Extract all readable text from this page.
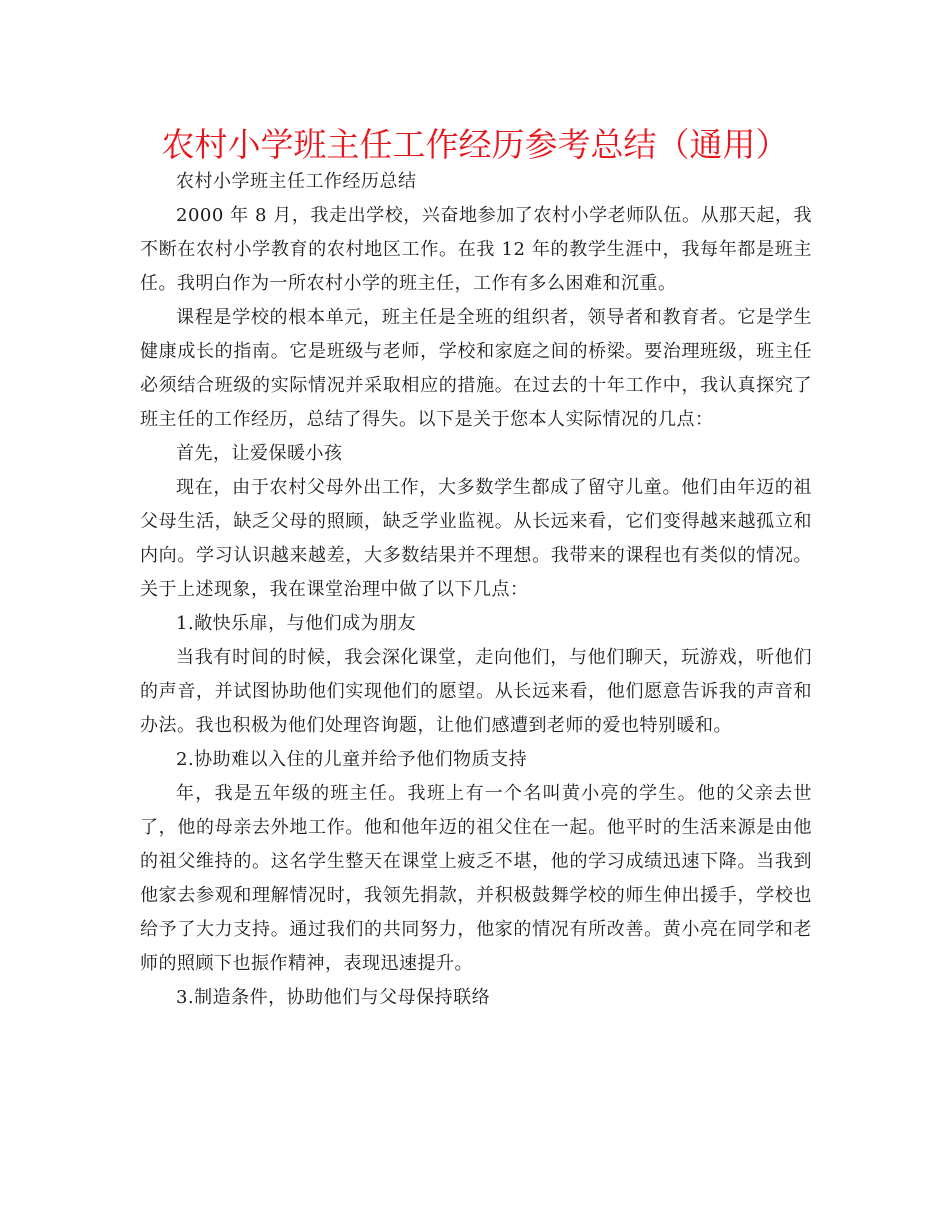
农村小学班主任工作经历参考总结（通用）

农村小学班主任工作经历总结

2000 年 8 月，我走出学校，兴奋地参加了农村小学老师队伍。从那天起，我不断在农村小学教育的农村地区工作。在我 12 年的教学生涯中，我每年都是班主任。我明白作为一所农村小学的班主任，工作有多么困难和沉重。

课程是学校的根本单元，班主任是全班的组织者，领导者和教育者。它是学生健康成长的指南。它是班级与老师，学校和家庭之间的桥梁。要治理班级，班主任必须结合班级的实际情况并采取相应的措施。在过去的十年工作中，我认真探究了班主任的工作经历，总结了得失。以下是关于您本人实际情况的几点：

首先，让爱保暖小孩

现在，由于农村父母外出工作，大多数学生都成了留守儿童。他们由年迈的祖父母生活，缺乏父母的照顾，缺乏学业监视。从长远来看，它们变得越来越孤立和内向。学习认识越来越差，大多数结果并不理想。我带来的课程也有类似的情况。关于上述现象，我在课堂治理中做了以下几点：

1.敞快乐扉，与他们成为朋友

当我有时间的时候，我会深化课堂，走向他们，与他们聊天，玩游戏，听他们的声音，并试图协助他们实现他们的愿望。从长远来看，他们愿意告诉我的声音和办法。我也积极为他们处理咨询题，让他们感遭到老师的爱也特别暖和。

2.协助难以入住的儿童并给予他们物质支持

年，我是五年级的班主任。我班上有一个名叫黄小亮的学生。他的父亲去世了，他的母亲去外地工作。他和他年迈的祖父住在一起。他平时的生活来源是由他的祖父维持的。这名学生整天在课堂上疲乏不堪，他的学习成绩迅速下降。当我到他家去参观和理解情况时，我领先捐款，并积极鼓舞学校的师生伸出援手，学校也给予了大力支持。通过我们的共同努力，他家的情况有所改善。黄小亮在同学和老师的照顾下也振作精神，表现迅速提升。

3.制造条件，协助他们与父母保持联络
